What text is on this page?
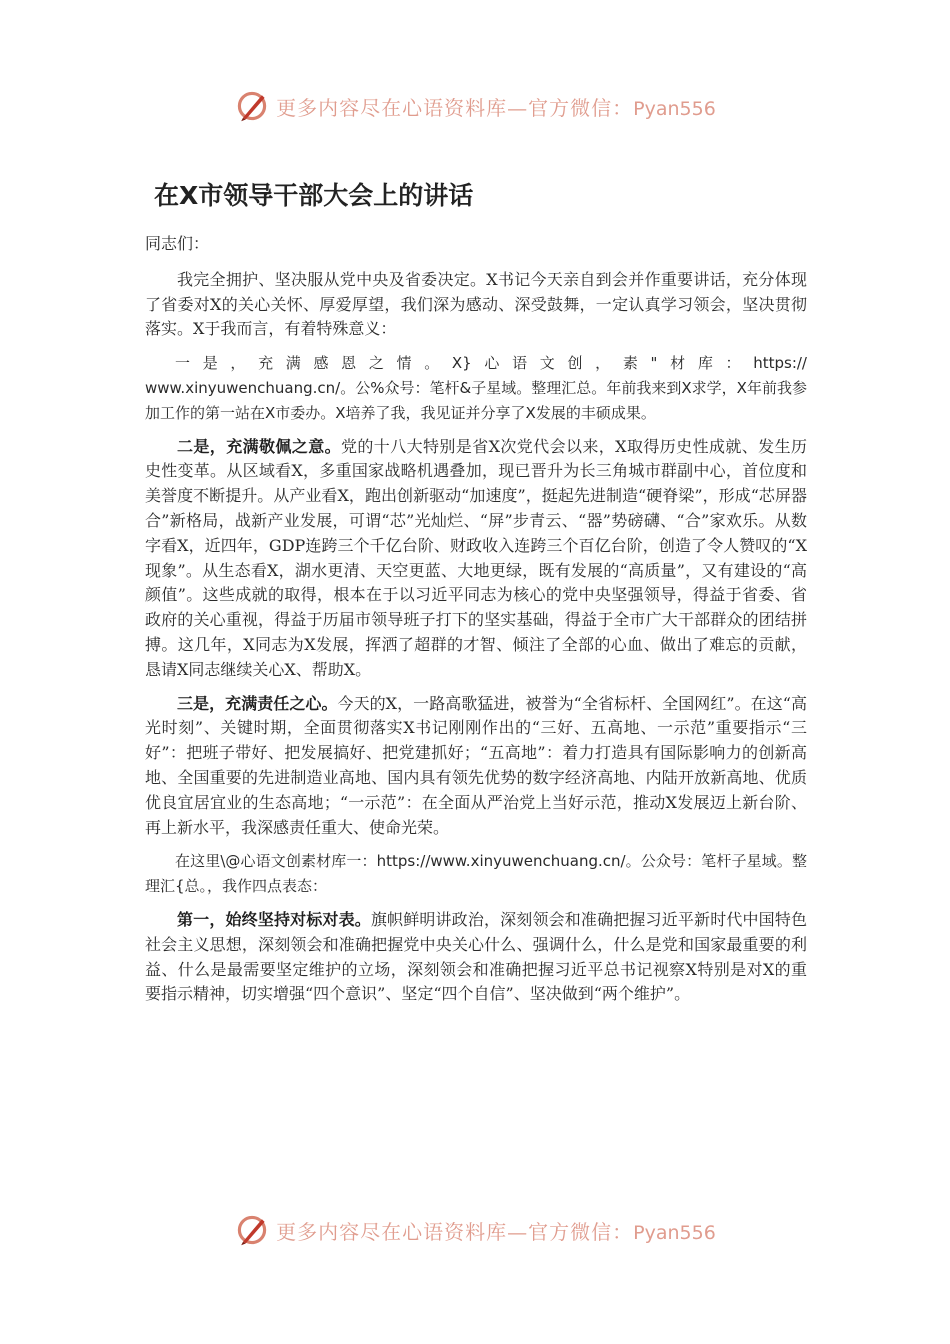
更多内容尽在心语资料库—官方微信：Pyan556
在X市领导干部大会上的讲话

同志们：

我完全拥护、坚决服从党中央及省委决定。X书记今天亲自到会并作重要讲话，充分体现了省委对X的关心关怀、厚爱厚望，我们深为感动、深受鼓舞，一定认真学习领会，坚决贯彻落实。X于我而言，有着特殊意义：

一是，充满感恩之情。X}心语文创，素"材库：https://

www.xinyuwenchuang.cn/。公%众号：笔杆&子星域。整理汇总。年前我来到X求学，X年前我参加工作的第一站在X市委办。X培养了我，我见证并分享了X发展的丰硕成果。

二是，充满敬佩之意。党的十八大特别是省X次党代会以来，X取得历史性成就、发生历史性变革。从区域看X，多重国家战略机遇叠加，现已晋升为长三角城市群副中心，首位度和美誉度不断提升。从产业看X，跑出创新驱动“加速度”，挺起先进制造“硬脊梁”，形成“芯屏器合”新格局，战新产业发展，可谓“芯”光灿烂、“屏”步青云、“器”势磅礴、“合”家欢乐。从数字看X，近四年，GDP连跨三个千亿台阶、财政收入连跨三个百亿台阶，创造了令人赞叹的“X现象”。从生态看X，湖水更清、天空更蓝、大地更绿，既有发展的“高质量”，又有建设的“高颜值”。这些成就的取得，根本在于以习近平同志为核心的党中央坚强领导，得益于省委、省政府的关心重视，得益于历届市领导班子打下的坚实基础，得益于全市广大干部群众的团结拼搏。这几年，X同志为X发展，挥洒了超群的才智、倾注了全部的心血、做出了难忘的贡献，恳请X同志继续关心X、帮助X。

三是，充满责任之心。今天的X，一路高歌猛进，被誉为“全省标杆、全国网红”。在这“高光时刻”、关键时期，全面贯彻落实X书记刚刚作出的“三好、五高地、一示范”重要指示“三好”：把班子带好、把发展搞好、把党建抓好；“五高地”：着力打造具有国际影响力的创新高地、全国重要的先进制造业高地、国内具有领先优势的数字经济高地、内陆开放新高地、优质优良宜居宜业的生态高地；“一示范”：在全面从严治党上当好示范，推动X发展迈上新台阶、再上新水平，我深感责任重大、使命光荣。

在这里\@心语文创素材库一：https://www.xinyuwenchuang.cn/。公众号：笔杆子星域。整理汇{总。，我作四点表态：

第一，始终坚持对标对表。旗帜鲜明讲政治，深刻领会和准确把握习近平新时代中国特色社会主义思想，深刻领会和准确把握党中央关心什么、强调什么，什么是党和国家最重要的利益、什么是最需要坚定维护的立场，深刻领会和准确把握习近平总书记视察X特别是对X的重要指示精神，切实增强“四个意识”、坚定“四个自信”、坚决做到“两个维护”。

更多内容尽在心语资料库—官方微信：Pyan556
